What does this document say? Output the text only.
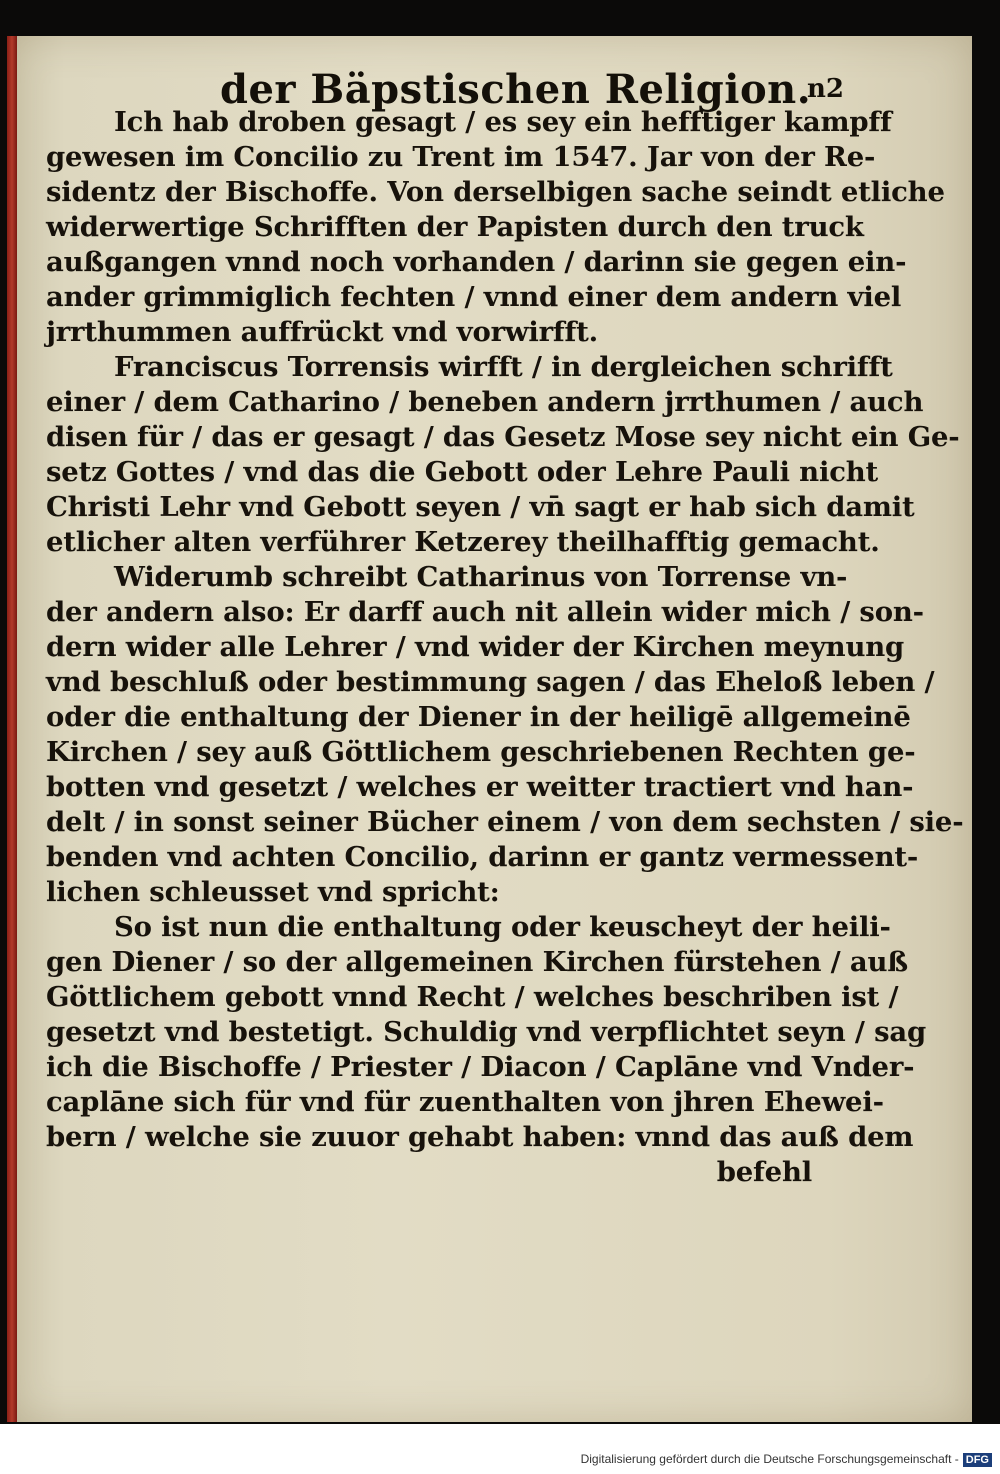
der Bäpstischen Religion.
n2
Ich hab droben gesagt / es sey ein hefftiger kampff
gewesen im Concilio zu Trent im 1547. Jar von der Re-
sidentz der Bischoffe. Von derselbigen sache seindt etliche
widerwertige Schrifften der Papisten durch den truck
außgangen vnnd noch vorhanden / darinn sie gegen ein-
ander grimmiglich fechten / vnnd einer dem andern viel
jrrthummen auffrückt vnd vorwirfft.
Franciscus Torrensis wirfft / in dergleichen schrifft
einer / dem Catharino / beneben andern jrrthumen / auch
disen für / das er gesagt / das Gesetz Mose sey nicht ein Ge-
setz Gottes / vnd das die Gebott oder Lehre Pauli nicht
Christi Lehr vnd Gebott seyen / vn̄ sagt er hab sich damit
etlicher alten verführer Ketzerey theilhafftig gemacht.
Widerumb schreibt Catharinus von Torrense vn-
der andern also: Er darff auch nit allein wider mich / son-
dern wider alle Lehrer / vnd wider der Kirchen meynung
vnd beschluß oder bestimmung sagen / das Eheloß leben /
oder die enthaltung der Diener in der heiligē allgemeinē
Kirchen / sey auß Göttlichem geschriebenen Rechten ge-
botten vnd gesetzt / welches er weitter tractiert vnd han-
delt / in sonst seiner Bücher einem / von dem sechsten / sie-
benden vnd achten Concilio, darinn er gantz vermessent-
lichen schleusset vnd spricht:
So ist nun die enthaltung oder keuscheyt der heili-
gen Diener / so der allgemeinen Kirchen fürstehen / auß
Göttlichem gebott vnnd Recht / welches beschriben ist /
gesetzt vnd bestetigt. Schuldig vnd verpflichtet seyn / sag
ich die Bischoffe / Priester / Diacon / Caplāne vnd Vnder-
caplāne sich für vnd für zuenthalten von jhren Ehewei-
bern / welche sie zuuor gehabt haben: vnnd das auß dem
befehl
Digitalisierung gefördert durch die Deutsche Forschungsgemeinschaft - DFG
